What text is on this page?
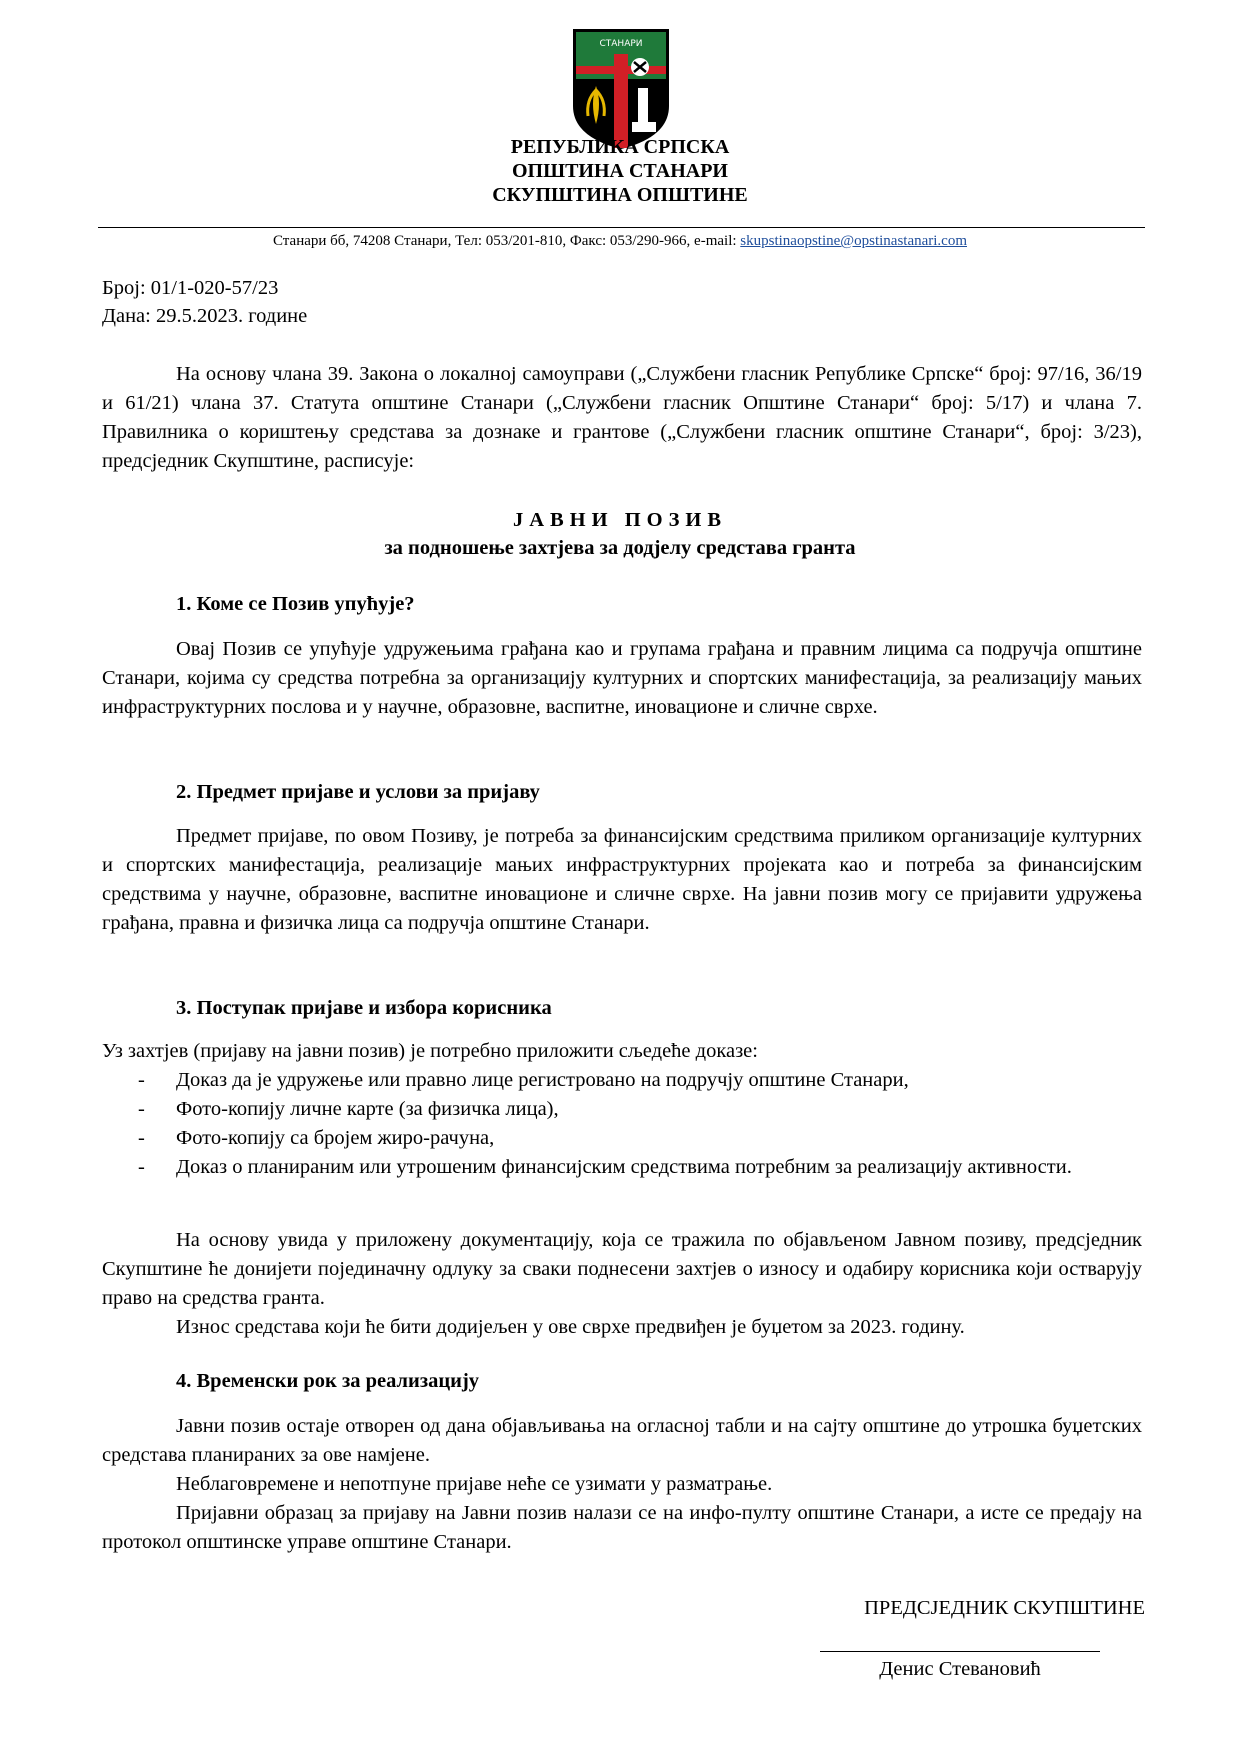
СТАНАРИ
РЕПУБЛИКА СРПСКА
ОПШТИНА СТАНАРИ
СКУПШТИНА ОПШТИНЕ
Станари бб, 74208 Станари, Тел: 053/201-810, Факс: 053/290-966, e-mail: skupstinaopstine@opstinastanari.com
Број: 01/1-020-57/23
Дана: 29.5.2023. године

На основу члана 39. Закона о локалној самоуправи („Службени гласник Републике Српске“ број: 97/16, 36/19 и 61/21) члана 37. Статута општине Станари („Службени гласник Општине Станари“ број: 5/17) и члана 7. Правилника о кориштењу средстава за дознаке и грантове („Службени гласник општине Станари“, број: 3/23), предсједник Скупштине, расписује:

ЈАВНИ ПОЗИВ
за подношење захтјева за додјелу средстава гранта
1. Коме се Позив упућује?

Овај Позив се упућује удружењима грађана као и групама грађана и правним лицима са подручја општине Станари, којима су средства потребна за организацију културних и спортских манифестација, за реализацију мањих инфраструктурних послова и у научне, образовне, васпитне, иновационе и сличне сврхе.

2. Предмет пријаве и услови за пријаву

Предмет пријаве, по овом Позиву, је потреба за финансијским средствима приликом организације културних и спортских манифестација, реализације мањих инфраструктурних пројеката као и потреба за финансијским средствима у научне, образовне, васпитне иновационе и сличне сврхе. На јавни позив могу се пријавити удружења грађана, правна и физичка лица са подручја општине Станари.

3. Поступак пријаве и избора корисника

Уз захтјев (пријаву на јавни позив) је потребно приложити сљедеће доказе:

- Доказ да је удружење или правно лице регистровано на подручју општине Станари,
- Фото-копију личне карте (за физичка лица),
- Фото-копију са бројем жиро-рачуна,
- Доказ о планираним или утрошеним финансијским средствима потребним за реализацију активности.

На основу увида у приложену документацију, која се тражила по објављеном Јавном позиву, предсједник Скупштине ће донијети појединачну одлуку за сваки поднесени захтјев о износу и одабиру корисника који остварују право на средства гранта.

Износ средстава који ће бити додијељен у ове сврхе предвиђен је буџетом за 2023. годину.

4. Временски рок за реализацију

Јавни позив остаје отворен од дана објављивања на огласној табли и на сајту општине до утрошка буџетских средстава планираних за ове намјене.

Неблаговремене и непотпуне пријаве неће се узимати у разматрање.

Пријавни образац за пријаву на Јавни позив налази се на инфо-пулту општине Станари, а исте се предају на протокол општинске управе општине Станари.

ПРЕДСЈЕДНИК СКУПШТИНЕ
Денис Стевановић
